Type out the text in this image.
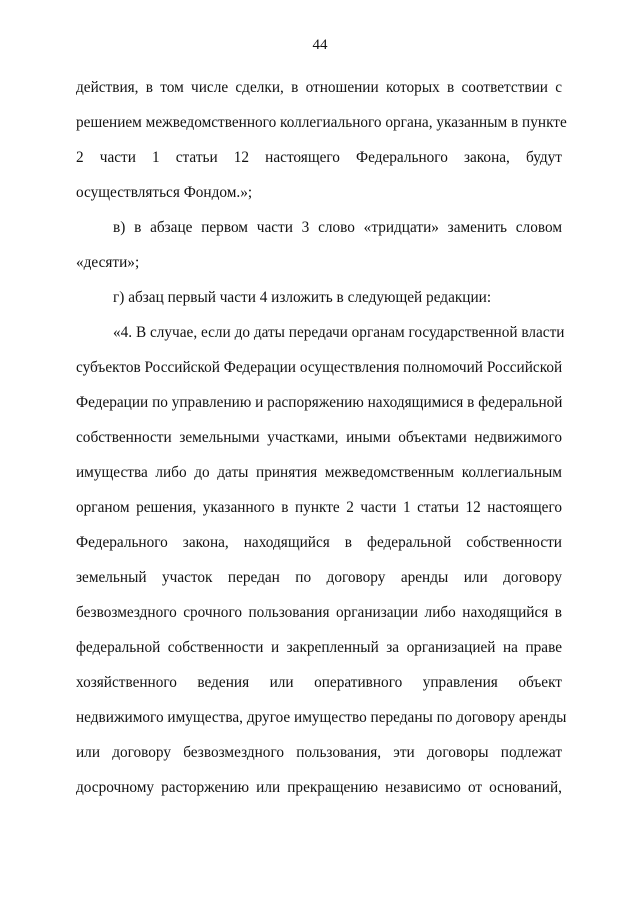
44
действия, в том числе сделки, в отношении которых в соответствии с
решением межведомственного коллегиального органа, указанным в пункте
2 части 1 статьи 12 настоящего Федерального закона, будут
осуществляться Фондом.»;
в) в абзаце первом части 3 слово «тридцати» заменить словом
«десяти»;
г) абзац первый части 4 изложить в следующей редакции:
«4. В случае, если до даты передачи органам государственной власти
субъектов Российской Федерации осуществления полномочий Российской
Федерации по управлению и распоряжению находящимися в федеральной
собственности земельными участками, иными объектами недвижимого
имущества либо до даты принятия межведомственным коллегиальным
органом решения, указанного в пункте 2 части 1 статьи 12 настоящего
Федерального закона, находящийся в федеральной собственности
земельный участок передан по договору аренды или договору
безвозмездного срочного пользования организации либо находящийся в
федеральной собственности и закрепленный за организацией на праве
хозяйственного ведения или оперативного управления объект
недвижимого имущества, другое имущество переданы по договору аренды
или договору безвозмездного пользования, эти договоры подлежат
досрочному расторжению или прекращению независимо от оснований,
